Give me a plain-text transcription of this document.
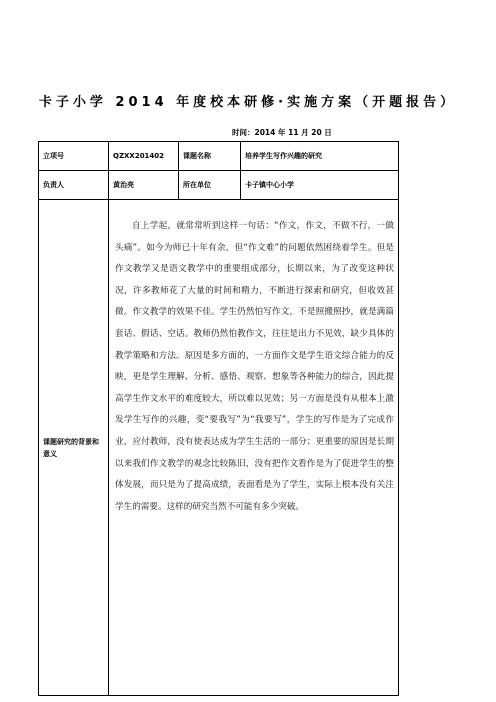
卡子小学 2014 年度校本研修·实施方案（开题报告）
时间：2014 年 11 月 20 日
立项号	QZXX201402	课题名称	培养学生写作兴趣的研究
负责人	黄治亮	所在单位	卡子镇中心小学
课题研究的背景和意义	自上学起，就常常听到这样一句话：“作文，作文，不做不行，一做头痛”。如今为师已十年有余，但“作文难”的问题依然困绕着学生。但是作文教学又是语文教学中的重要组成部分，长期以来，为了改变这种状况，许多教师花了大量的时间和精力，不断进行探索和研究，但收效甚微。作文教学的效果不佳。学生仍然怕写作文，不是照搬照抄，就是满篇套话、假话、空话。教师仍然怕教作文，往往是出力不见效，缺少具体的教学策略和方法。原因是多方面的，一方面作文是学生语文综合能力的反映，更是学生理解、分析、感悟、观察、想象等各种能力的综合，因此提高学生作文水平的难度较大，所以难以见效；另一方面是没有从根本上激发学生写作的兴趣，变“要我写”为“我要写”，学生的写作是为了完成作业，应付教师，没有使表达成为学生生活的一部分；更重要的原因是长期以来我们作文教学的观念比较陈旧，没有把作文看作是为了促进学生的整体发展，而只是为了提高成绩，表面看是为了学生，实际上根本没有关注学生的需要。这样的研究当然不可能有多少突破。		
